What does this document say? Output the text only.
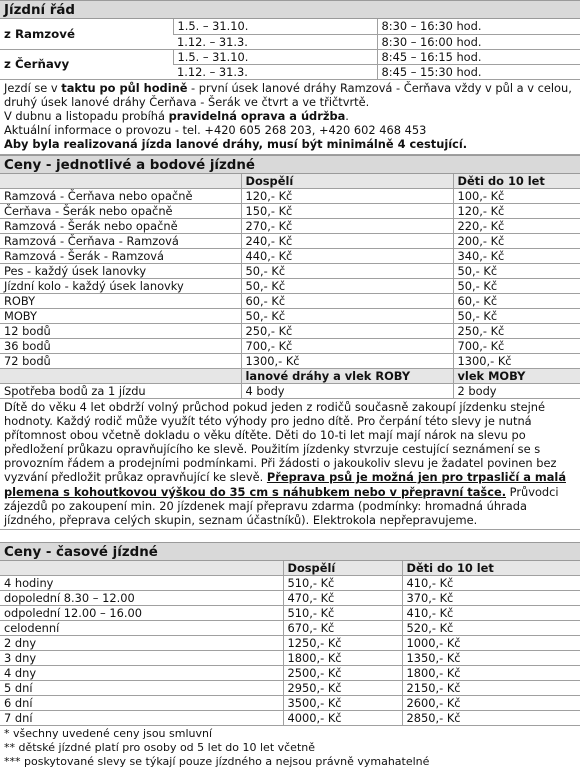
Jízdní řád
z Ramzové	1.5. – 31.10.	8:30 – 16:30 hod.
	1.12. – 31.3.	8:30 – 16:00 hod.
z Čerňavy	1.5. – 31.10.	8:45 – 16:15 hod.
	1.12. – 31.3.	8:45 – 15:30 hod.

Jezdí se v taktu po půl hodině - první úsek lanové dráhy Ramzová - Čerňava vždy v půl a v celou, druhý úsek lanové dráhy Čerňava - Šerák ve čtvrt a ve třičtvrtě.

V dubnu a listopadu probíhá pravidelná oprava a údržba.

Aktuální informace o provozu - tel. +420 605 268 203, +420 602 468 453

Aby byla realizovaná jízda lanové dráhy, musí být minimálně 4 cestující.

Ceny - jednotlivé a bodové jízdné
	Dospělí	Děti do 10 let
Ramzová - Čerňava nebo opačně	120,- Kč	100,- Kč
Čerňava - Šerák nebo opačně	150,- Kč	120,- Kč
Ramzová - Šerák nebo opačně	270,- Kč	220,- Kč
Ramzová - Čerňava - Ramzová	240,- Kč	200,- Kč
Ramzová - Šerák - Ramzová	440,- Kč	340,- Kč
Pes - každý úsek lanovky	50,- Kč	50,- Kč
Jízdní kolo - každý úsek lanovky	50,- Kč	50,- Kč
ROBY	60,- Kč	60,- Kč
MOBY	50,- Kč	50,- Kč
12 bodů	250,- Kč	250,- Kč
36 bodů	700,- Kč	700,- Kč
72 bodů	1300,- Kč	1300,- Kč
	lanové dráhy a vlek ROBY	vlek MOBY
Spotřeba bodů za 1 jízdu	4 body	2 body
Dítě do věku 4 let obdrží volný průchod pokud jeden z rodičů současně zakoupí jízdenku stejné hodnoty. Každý rodič může využít této výhody pro jedno dítě. Pro čerpání této slevy je nutná přítomnost obou včetně dokladu o věku dítěte. Děti do 10-ti let mají mají nárok na slevu po předložení průkazu opravňujícího ke slevě. Použitím jízdenky stvrzuje cestující seznámení se s provozním řádem a prodejními podmínkami. Při žádosti o jakoukoliv slevu je žadatel povinen bez vyzvání předložit průkaz opravňující ke slevě. Přeprava psů je možná jen pro trpasličí a malá plemena s kohoutkovou výškou do 35 cm s náhubkem nebo v přepravní tašce. Průvodci zájezdů po zakoupení min. 20 jízdenek mají přepravu zdarma (podmínky: hromadná úhrada jízdného, přeprava celých skupin, seznam účastníků). Elektrokola nepřepravujeme.
Ceny - časové jízdné
	Dospělí	Děti do 10 let
4 hodiny	510,- Kč	410,- Kč
dopolední 8.30 – 12.00	470,- Kč	370,- Kč
odpolední 12.00 – 16.00	510,- Kč	410,- Kč
celodenní	670,- Kč	520,- Kč
2 dny	1250,- Kč	1000,- Kč
3 dny	1800,- Kč	1350,- Kč
4 dny	2500,- Kč	1800,- Kč
5 dní	2950,- Kč	2150,- Kč
6 dní	3500,- Kč	2600,- Kč
7 dní	4000,- Kč	2850,- Kč
* všechny uvedené ceny jsou smluvní
** dětské jízdné platí pro osoby od 5 let do 10 let včetně
*** poskytované slevy se týkají pouze jízdného a nejsou právně vymahatelné
